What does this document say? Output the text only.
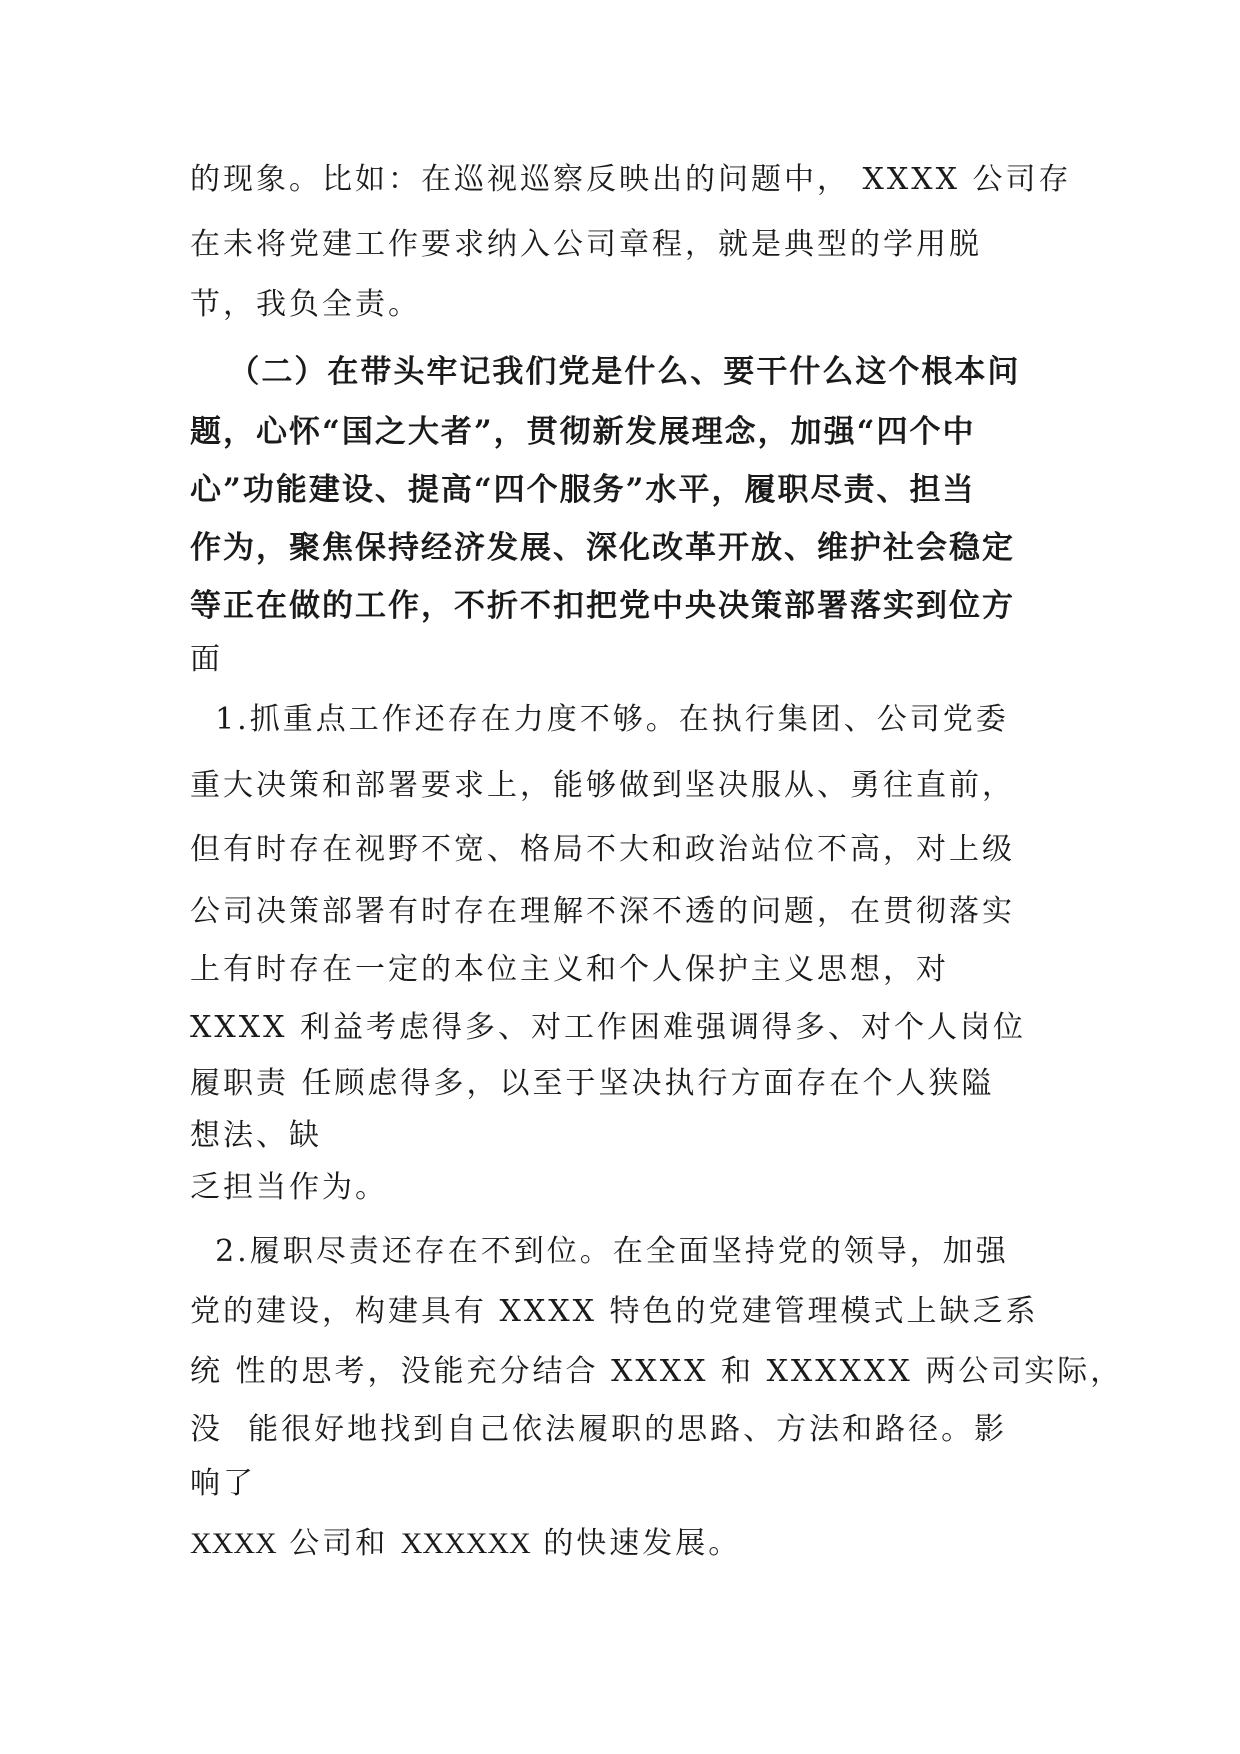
的现象。比如：在巡视巡察反映出的问题中， XXXX 公司存
在未将党建工作要求纳入公司章程，就是典型的学用脱
节，我负全责。
（二）在带头牢记我们党是什么、要干什么这个根本问
题，心怀“国之大者”，贯彻新发展理念，加强“四个中
心”功能建设、提高“四个服务”水平，履职尽责、担当
作为，聚焦保持经济发展、深化改革开放、维护社会稳定
等正在做的工作，不折不扣把党中央决策部署落实到位方
面
1.抓重点工作还存在力度不够。在执行集团、公司党委
重大决策和部署要求上，能够做到坚决服从、勇往直前，
但有时存在视野不宽、格局不大和政治站位不高，对上级
公司决策部署有时存在理解不深不透的问题，在贯彻落实
上有时存在一定的本位主义和个人保护主义思想，对
XXXX 利益考虑得多、对工作困难强调得多、对个人岗位
履职责 任顾虑得多，以至于坚决执行方面存在个人狭隘
想法、缺
乏担当作为。
2.履职尽责还存在不到位。在全面坚持党的领导，加强
党的建设，构建具有 XXXX 特色的党建管理模式上缺乏系
统 性的思考，没能充分结合 XXXX 和 XXXXXX 两公司实际，
没  能很好地找到自己依法履职的思路、方法和路径。影
响了
XXXX 公司和 XXXXXX 的快速发展。
